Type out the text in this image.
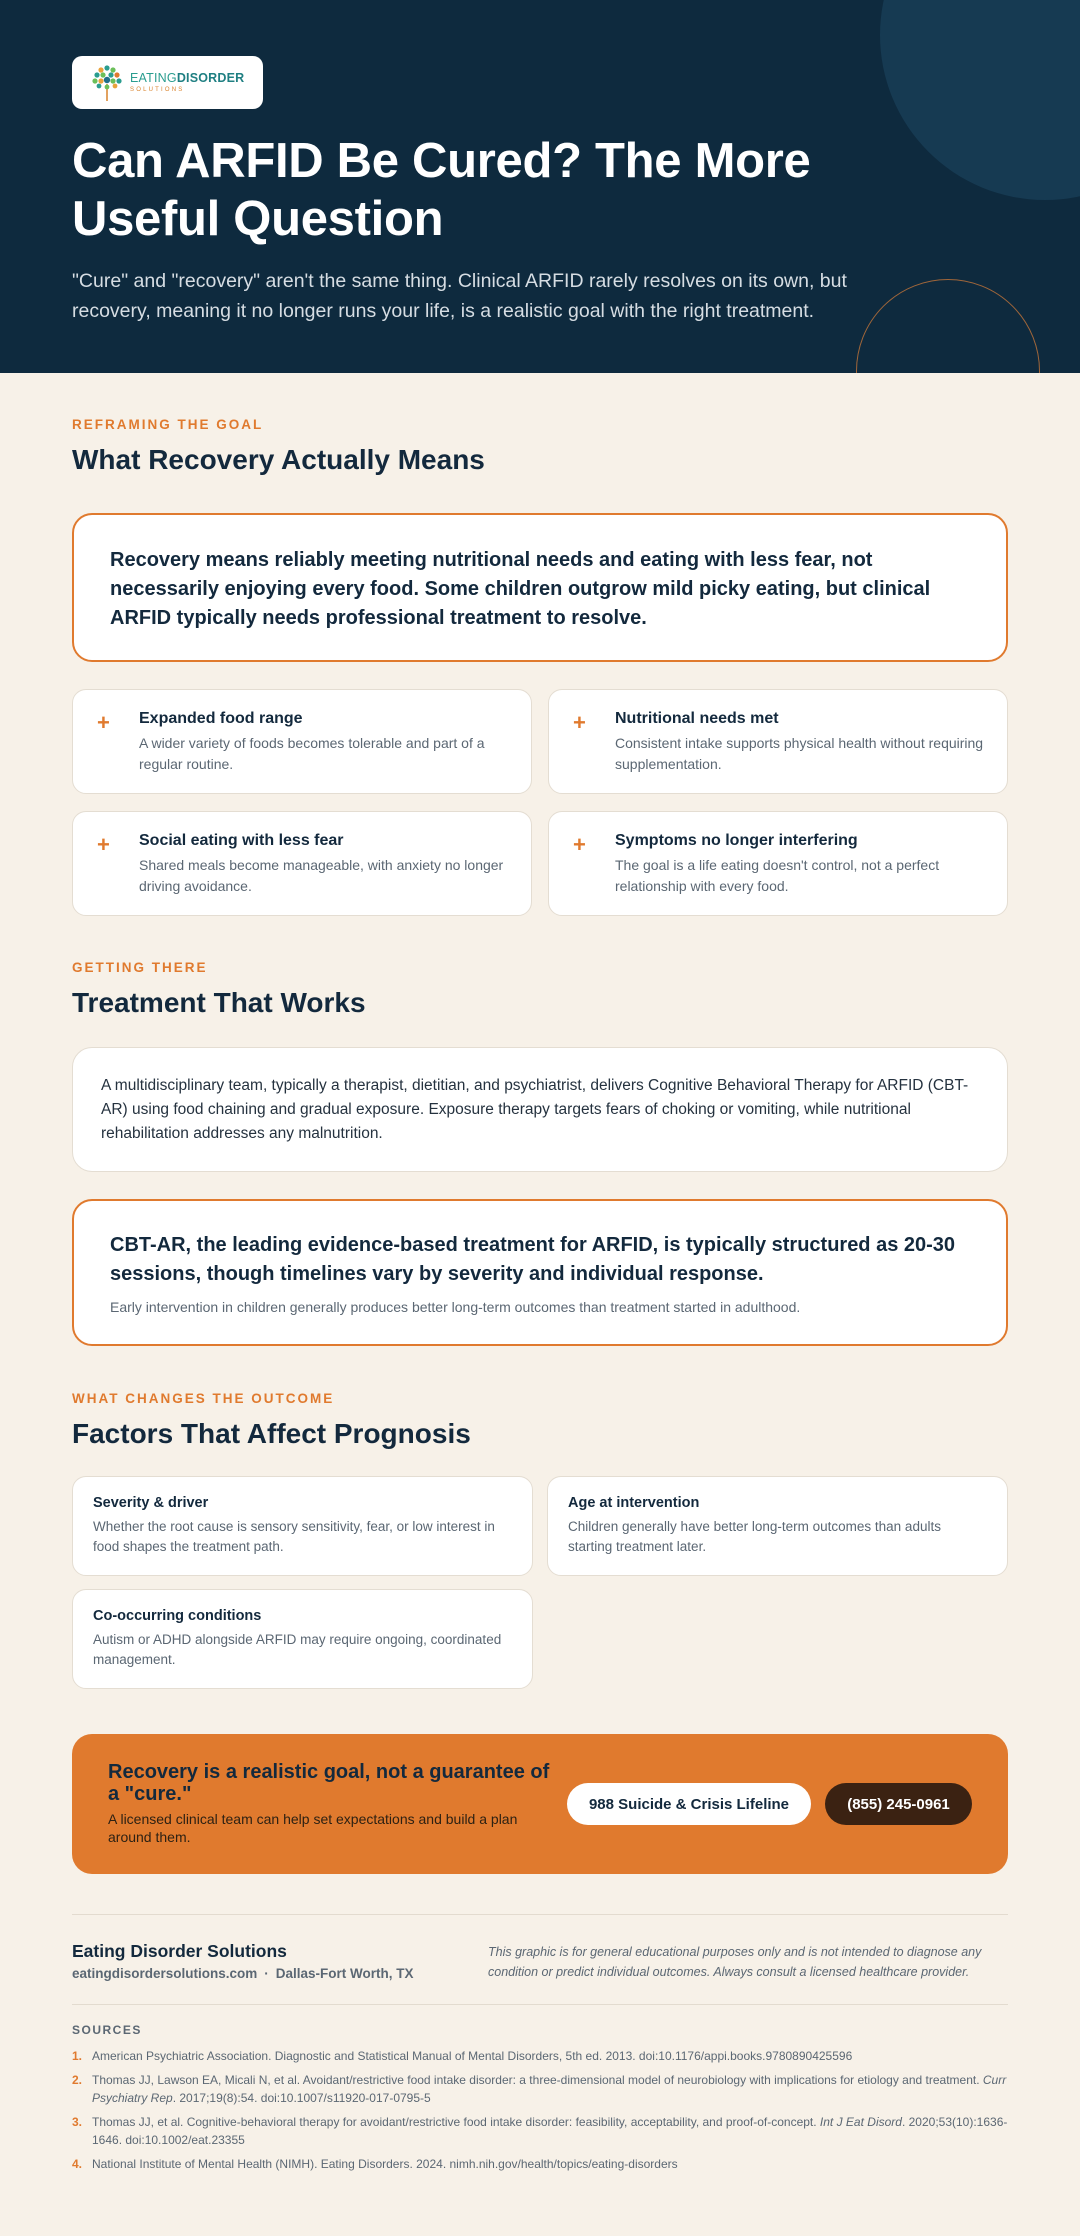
EATINGDISORDER
SOLUTIONS
Can ARFID Be Cured? The More Useful Question

"Cure" and "recovery" aren't the same thing. Clinical ARFID rarely resolves on its own, but recovery, meaning it no longer runs your life, is a realistic goal with the right treatment.

REFRAMING THE GOAL
What Recovery Actually Means

Recovery means reliably meeting nutritional needs and eating with less fear, not necessarily enjoying every food. Some children outgrow mild picky eating, but clinical ARFID typically needs professional treatment to resolve.

+ Expanded food range
A wider variety of foods becomes tolerable and part of a regular routine.
+ Nutritional needs met
Consistent intake supports physical health without requiring supplementation.
+ Social eating with less fear
Shared meals become manageable, with anxiety no longer driving avoidance.
+ Symptoms no longer interfering
The goal is a life eating doesn't control, not a perfect relationship with every food.
GETTING THERE
Treatment That Works

A multidisciplinary team, typically a therapist, dietitian, and psychiatrist, delivers Cognitive Behavioral Therapy for ARFID (CBT-AR) using food chaining and gradual exposure. Exposure therapy targets fears of choking or vomiting, while nutritional rehabilitation addresses any malnutrition.

CBT-AR, the leading evidence-based treatment for ARFID, is typically structured as 20-30 sessions, though timelines vary by severity and individual response.

Early intervention in children generally produces better long-term outcomes than treatment started in adulthood.

WHAT CHANGES THE OUTCOME
Factors That Affect Prognosis
Severity & driver
Whether the root cause is sensory sensitivity, fear, or low interest in food shapes the treatment path.
Age at intervention
Children generally have better long-term outcomes than adults starting treatment later.
Co-occurring conditions
Autism or ADHD alongside ARFID may require ongoing, coordinated management.
Recovery is a realistic goal, not a guarantee of a "cure."
A licensed clinical team can help set expectations and build a plan around them.
988 Suicide & Crisis Lifeline	(855) 245-0961
Eating Disorder Solutions
eatingdisordersolutions.com · Dallas-Fort Worth, TX

This graphic is for general educational purposes only and is not intended to diagnose any condition or predict individual outcomes. Always consult a licensed healthcare provider.

SOURCES
1. American Psychiatric Association. Diagnostic and Statistical Manual of Mental Disorders, 5th ed. 2013. doi:10.1176/appi.books.9780890425596
2. Thomas JJ, Lawson EA, Micali N, et al. Avoidant/restrictive food intake disorder: a three-dimensional model of neurobiology with implications for etiology and treatment. Curr Psychiatry Rep. 2017;19(8):54. doi:10.1007/s11920-017-0795-5
3. Thomas JJ, et al. Cognitive-behavioral therapy for avoidant/restrictive food intake disorder: feasibility, acceptability, and proof-of-concept. Int J Eat Disord. 2020;53(10):1636-1646. doi:10.1002/eat.23355
4. National Institute of Mental Health (NIMH). Eating Disorders. 2024. nimh.nih.gov/health/topics/eating-disorders
